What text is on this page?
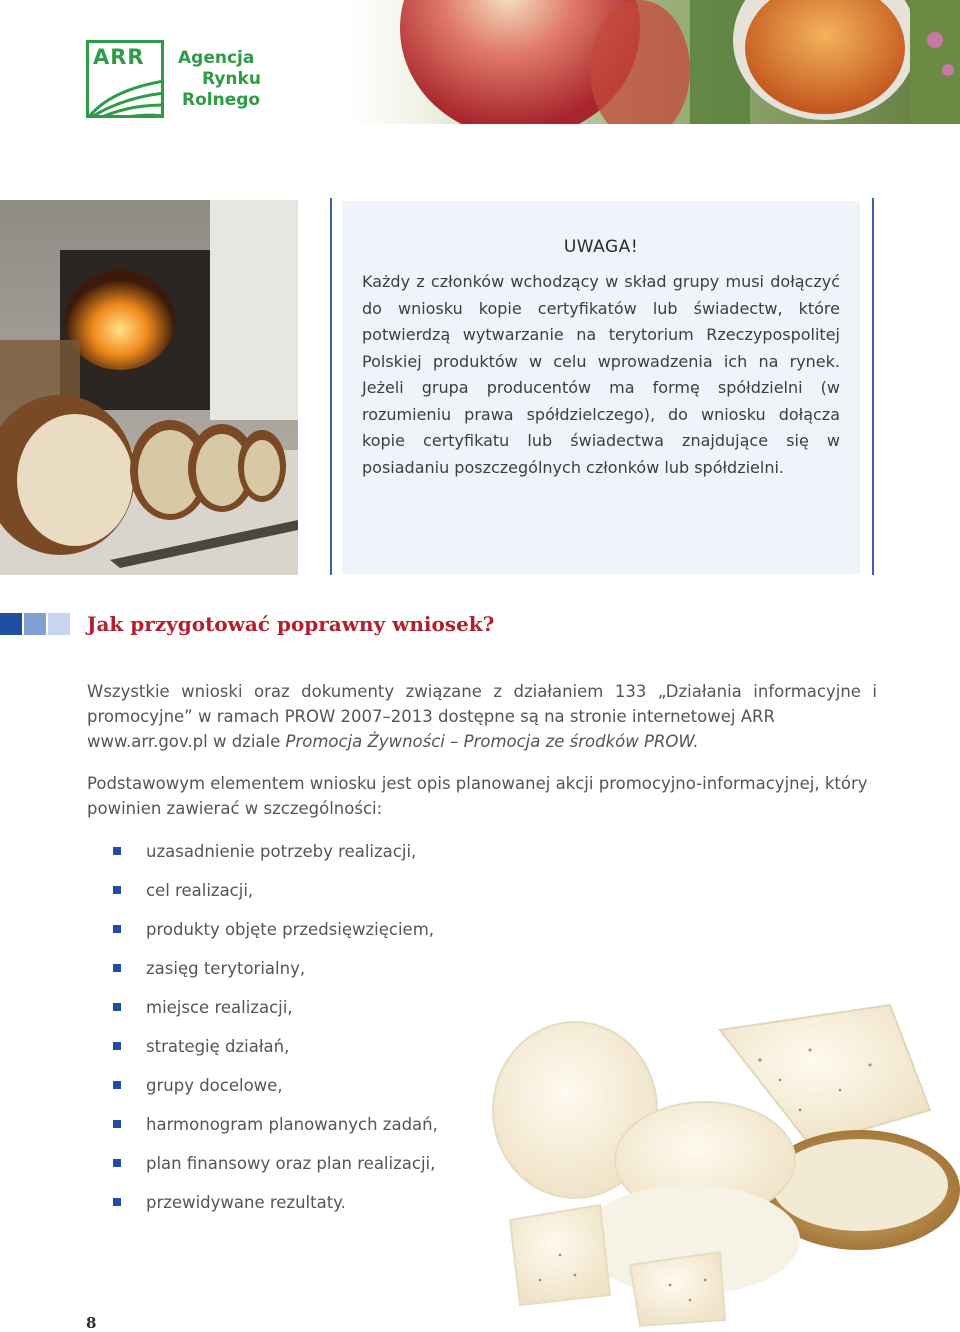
ARR Agencja
Rynku
Rolnego
UWAGA!
Każdy z członków wchodzący w skład grupy musi dołączyć do wniosku kopie certyfikatów lub świadectw, które potwierdzą wytwarzanie na terytorium Rzeczypospolitej Polskiej produktów w celu wprowadzenia ich na rynek. Jeżeli grupa producentów ma formę spółdzielni (w rozumieniu prawa spółdzielczego), do wniosku dołącza kopie certyfikatu lub świadectwa znajdujące się w posiadaniu poszczególnych członków lub spółdzielni.
Jak przygotować poprawny wniosek?
Wszystkie wnioski oraz dokumenty związane z działaniem 133 „Działania informacyjne i promocyjne” w ramach PROW 2007–2013 dostępne są na stronie internetowej ARR
www.arr.gov.pl w dziale Promocja Żywności – Promocja ze środków PROW.
Podstawowym elementem wniosku jest opis planowanej akcji promocyjno-informacyjnej, który powinien zawierać w szczególności:
uzasadnienie potrzeby realizacji,
cel realizacji,
produkty objęte przedsięwzięciem,
zasięg terytorialny,
miejsce realizacji,
strategię działań,
grupy docelowe,
harmonogram planowanych zadań,
plan finansowy oraz plan realizacji,
przewidywane rezultaty.
8
